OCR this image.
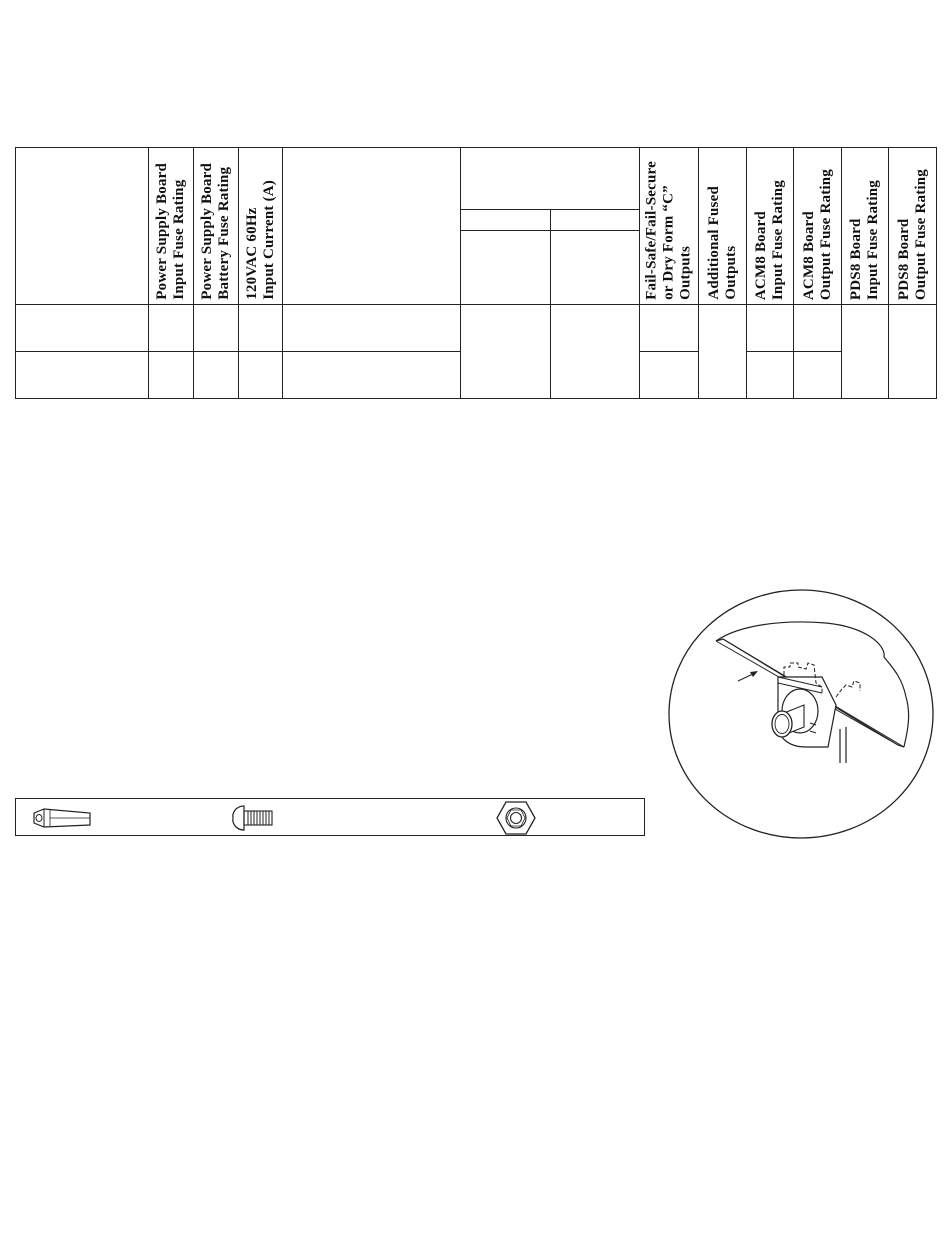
	Power Supply Board
Input Fuse Rating	Power Supply Board
Battery Fuse Rating	120VAC 60Hz
Input Current (A)				Fail-Safe/Fail-Secure
or Dry Form “C”
Outputs	Additional Fused
Outputs	ACM8 Board
Input Fuse Rating	ACM8 Board
Output Fuse Rating	PDS8 Board
Input Fuse Rating	PDS8 Board
Output Fuse Rating
